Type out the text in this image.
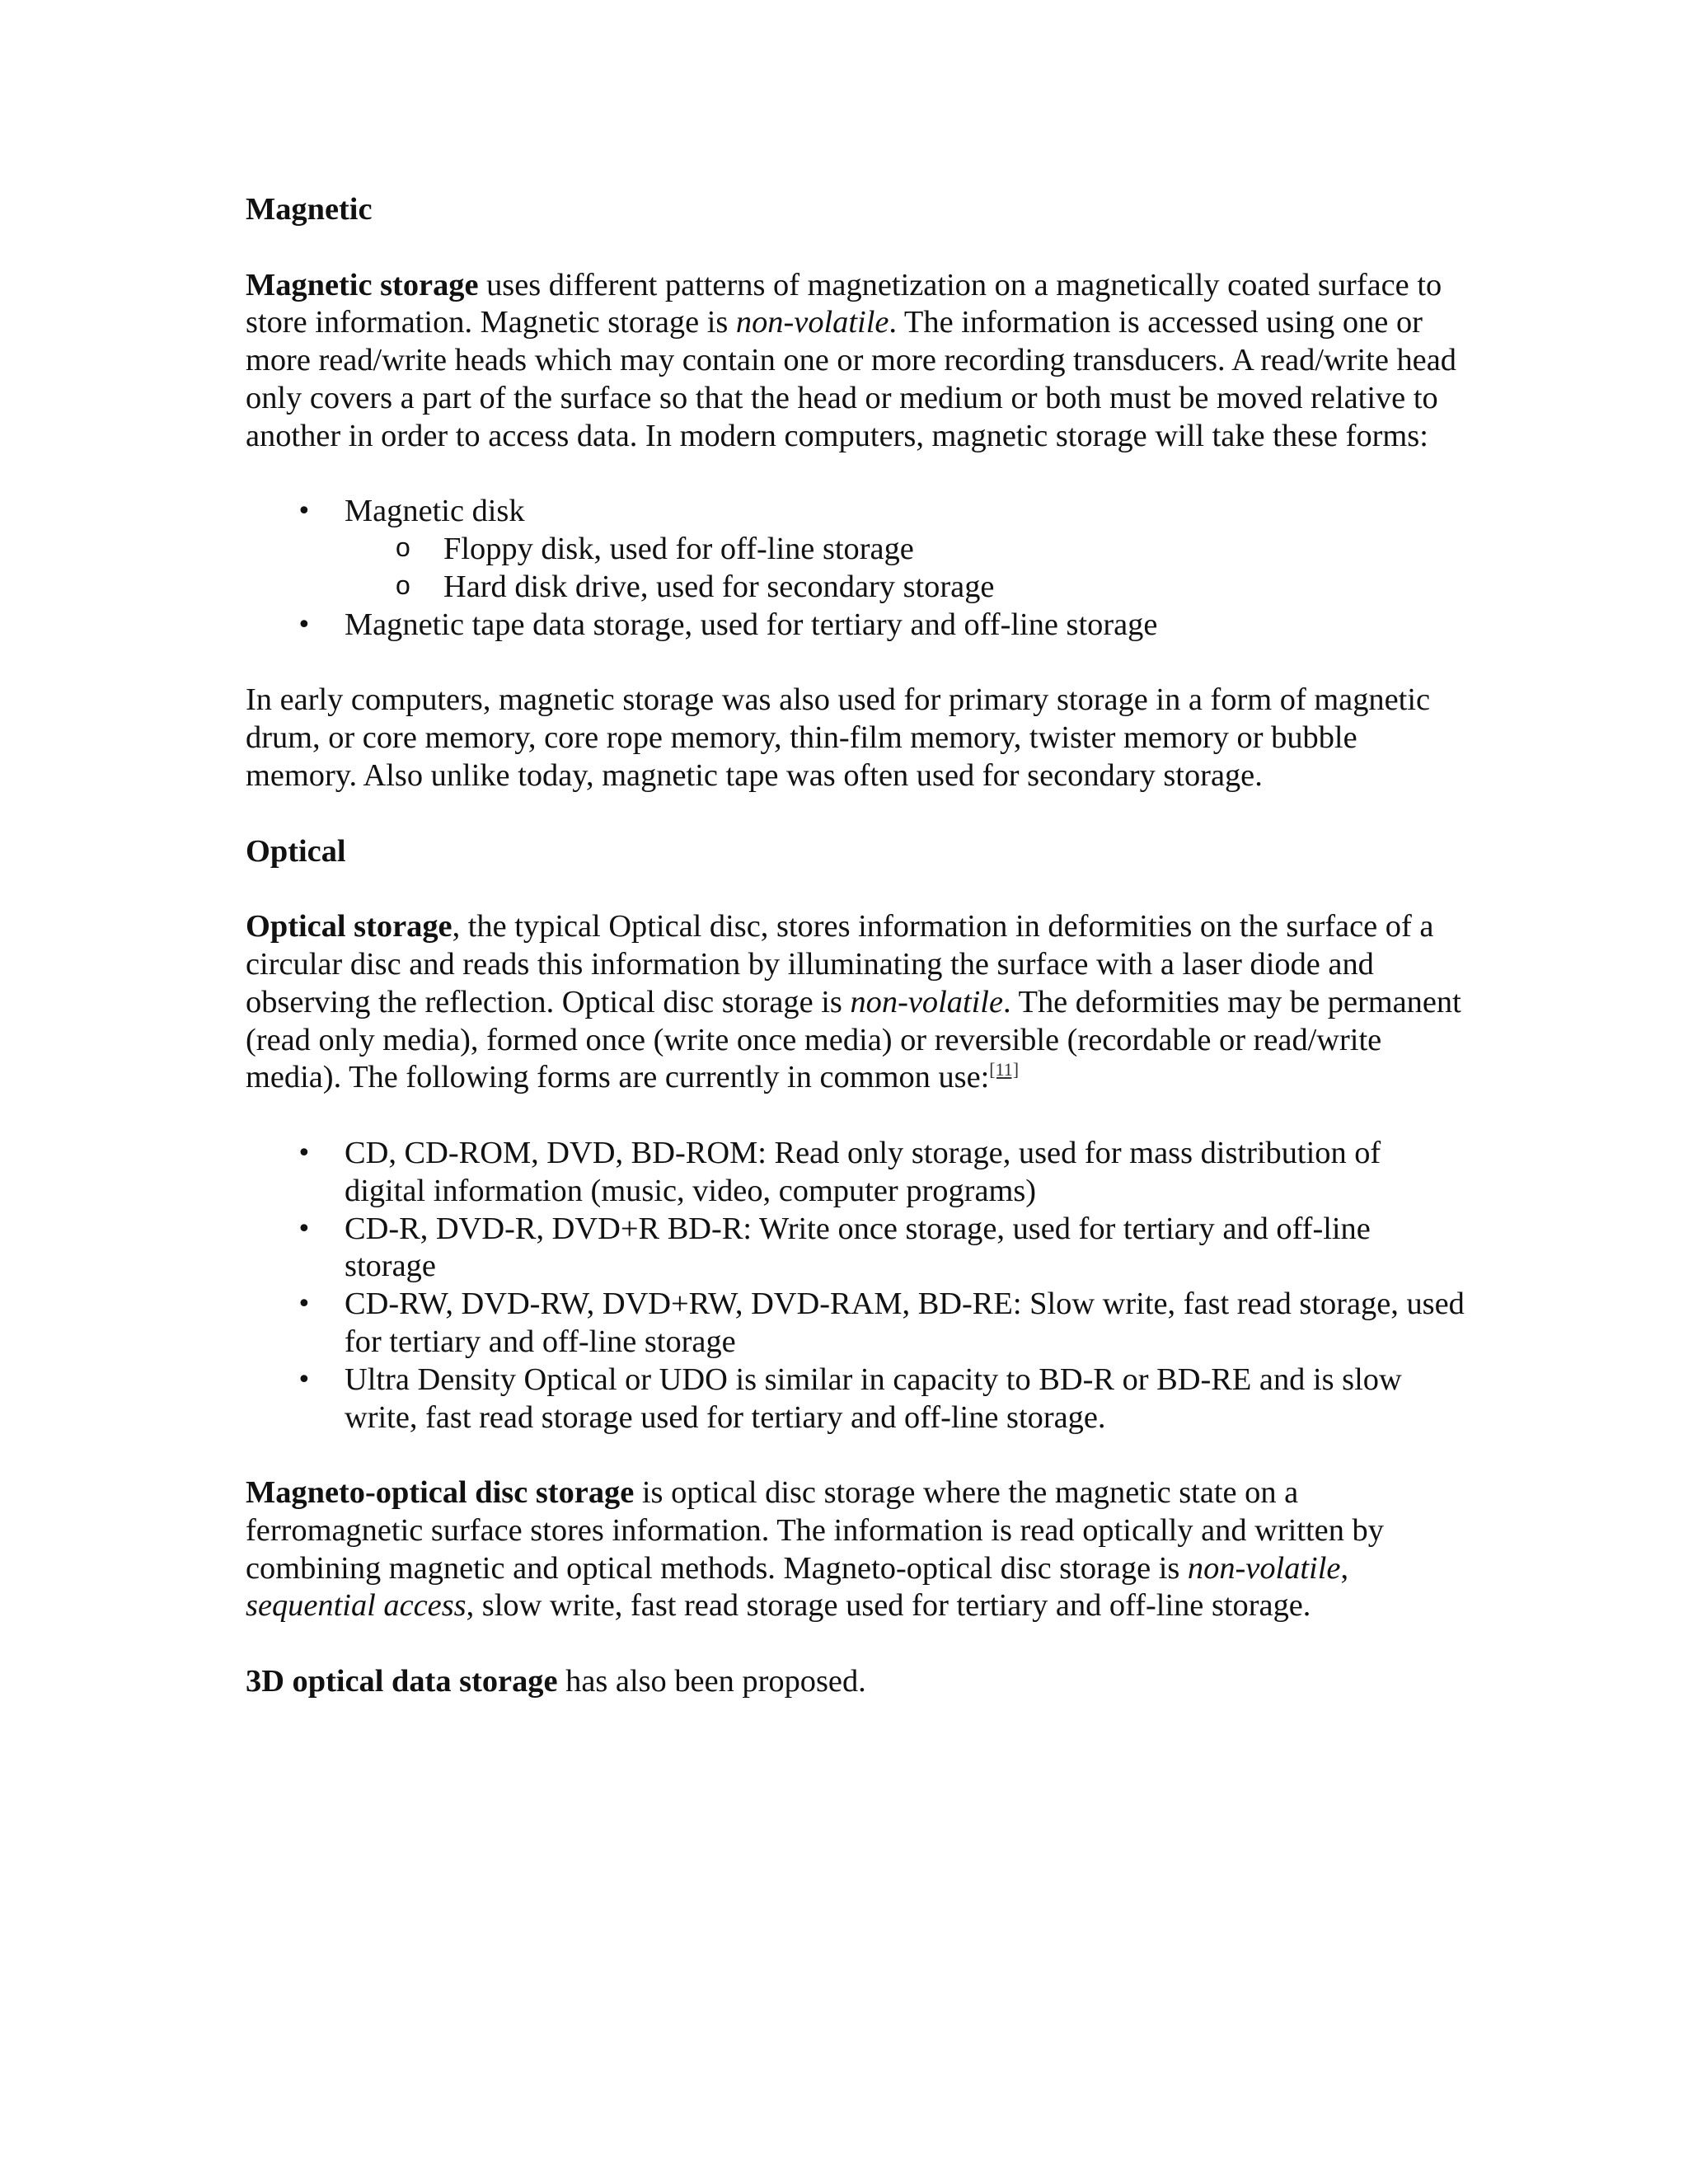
Magnetic

Magnetic storage uses different patterns of magnetization on a magnetically coated surface to store information. Magnetic storage is non-volatile. The information is accessed using one or more read/write heads which may contain one or more recording transducers. A read/write head only covers a part of the surface so that the head or medium or both must be moved relative to another in order to access data. In modern computers, magnetic storage will take these forms:

• Magnetic disk
o Floppy disk, used for off-line storage
o Hard disk drive, used for secondary storage
• Magnetic tape data storage, used for tertiary and off-line storage

In early computers, magnetic storage was also used for primary storage in a form of magnetic drum, or core memory, core rope memory, thin-film memory, twister memory or bubble memory. Also unlike today, magnetic tape was often used for secondary storage.

Optical

Optical storage, the typical Optical disc, stores information in deformities on the surface of a circular disc and reads this information by illuminating the surface with a laser diode and observing the reflection. Optical disc storage is non-volatile. The deformities may be permanent (read only media), formed once (write once media) or reversible (recordable or read/write media). The following forms are currently in common use:[11]

• CD, CD-ROM, DVD, BD-ROM: Read only storage, used for mass distribution of digital information (music, video, computer programs)
• CD-R, DVD-R, DVD+R BD-R: Write once storage, used for tertiary and off-line storage
• CD-RW, DVD-RW, DVD+RW, DVD-RAM, BD-RE: Slow write, fast read storage, used for tertiary and off-line storage
• Ultra Density Optical or UDO is similar in capacity to BD-R or BD-RE and is slow write, fast read storage used for tertiary and off-line storage.

Magneto-optical disc storage is optical disc storage where the magnetic state on a ferromagnetic surface stores information. The information is read optically and written by combining magnetic and optical methods. Magneto-optical disc storage is non-volatile, sequential access, slow write, fast read storage used for tertiary and off-line storage.

3D optical data storage has also been proposed.
